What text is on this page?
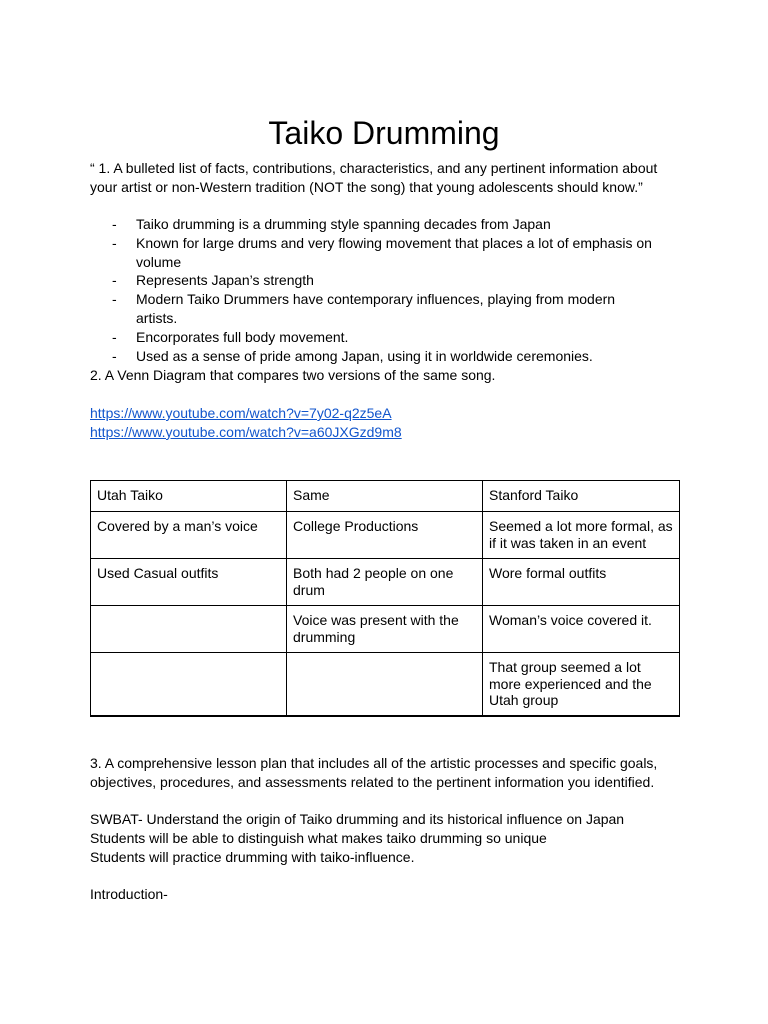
Taiko Drumming
“ 1. A bulleted list of facts, contributions, characteristics, and any pertinent information about
your artist or non-Western tradition (NOT the song) that young adolescents should know.”
- Taiko drumming is a drumming style spanning decades from Japan
- Known for large drums and very flowing movement that places a lot of emphasis on volume
- Represents Japan’s strength
- Modern Taiko Drummers have contemporary influences, playing from modern artists.
- Encorporates full body movement.
- Used as a sense of pride among Japan, using it in worldwide ceremonies.
2. A Venn Diagram that compares two versions of the same song.
https://www.youtube.com/watch?v=7y02-q2z5eA
https://www.youtube.com/watch?v=a60JXGzd9m8
Utah Taiko	Same	Stanford Taiko
Covered by a man’s voice	College Productions	Seemed a lot more formal, as if it was taken in an event
Used Casual outfits	Both had 2 people on one drum	Wore formal outfits
	Voice was present with the drumming	Woman’s voice covered it.
		That group seemed a lot more experienced and the Utah group
3. A comprehensive lesson plan that includes all of the artistic processes and specific goals,
objectives, procedures, and assessments related to the pertinent information you identified.
SWBAT- Understand the origin of Taiko drumming and its historical influence on Japan
Students will be able to distinguish what makes taiko drumming so unique
Students will practice drumming with taiko-influence.
Introduction-
